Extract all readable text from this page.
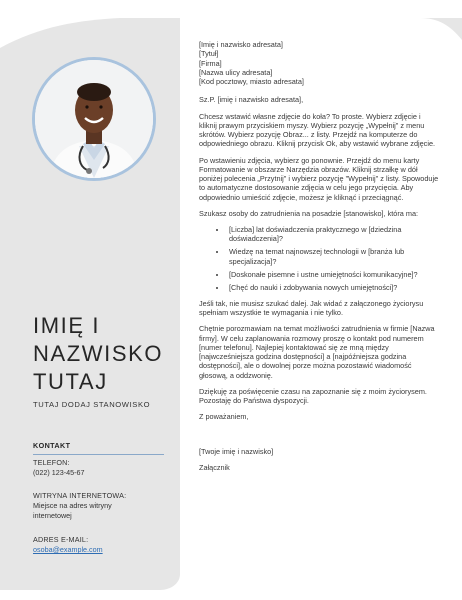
IMIĘ I NAZWISKO TUTAJ
TUTAJ DODAJ STANOWISKO
KONTAKT
TELEFON:
(022) 123-45-67
WITRYNA INTERNETOWA:
Miejsce na adres witryny internetowej
ADRES E-MAIL:
osoba@example.com

[Imię i nazwisko adresata]
[Tytuł]
[Firma]
[Nazwa ulicy adresata]
[Kod pocztowy, miasto adresata]

Sz.P. [imię i nazwisko adresata],

Chcesz wstawić własne zdjęcie do koła? To proste. Wybierz zdjęcie i kliknij prawym przyciskiem myszy. Wybierz pozycję „Wypełnij" z menu skrótów. Wybierz pozycję Obraz... z listy. Przejdź na komputerze do odpowiedniego obrazu. Kliknij przycisk Ok, aby wstawić wybrane zdjęcie.

Po wstawieniu zdjęcia, wybierz go ponownie. Przejdź do menu karty Formatowanie w obszarze Narzędzia obrazów. Kliknij strzałkę w dół poniżej polecenia „Przytnij" i wybierz pozycję "Wypełnij" z listy. Spowoduje to automatyczne dostosowanie zdjęcia w celu jego przycięcia. Aby odpowiednio umieścić zdjęcie, możesz je kliknąć i przeciągnąć.

Szukasz osoby do zatrudnienia na posadzie [stanowisko], która ma:

• [Liczba] lat doświadczenia praktycznego w [dziedzina doświadczenia]?
• Wiedzę na temat najnowszej technologii w [branża lub specjalizacja]?
• [Doskonałe pisemne i ustne umiejętności komunikacyjne]?
• [Chęć do nauki i zdobywania nowych umiejętności]?

Jeśli tak, nie musisz szukać dalej. Jak widać z załączonego życiorysu spełniam wszystkie te wymagania i nie tylko.

Chętnie porozmawiam na temat możliwości zatrudnienia w firmie [Nazwa firmy]. W celu zaplanowania rozmowy proszę o kontakt pod numerem [numer telefonu]. Najlepiej kontaktować się ze mną między [najwcześniejsza godzina dostępności] a [najpóźniejsza godzina dostępności], ale o dowolnej porze można pozostawić wiadomość głosową, a oddzwonię.

Dziękuję za poświęcenie czasu na zapoznanie się z moim życiorysem. Pozostaję do Państwa dyspozycji.

Z poważaniem,

[Twoje imię i nazwisko]

Załącznik
